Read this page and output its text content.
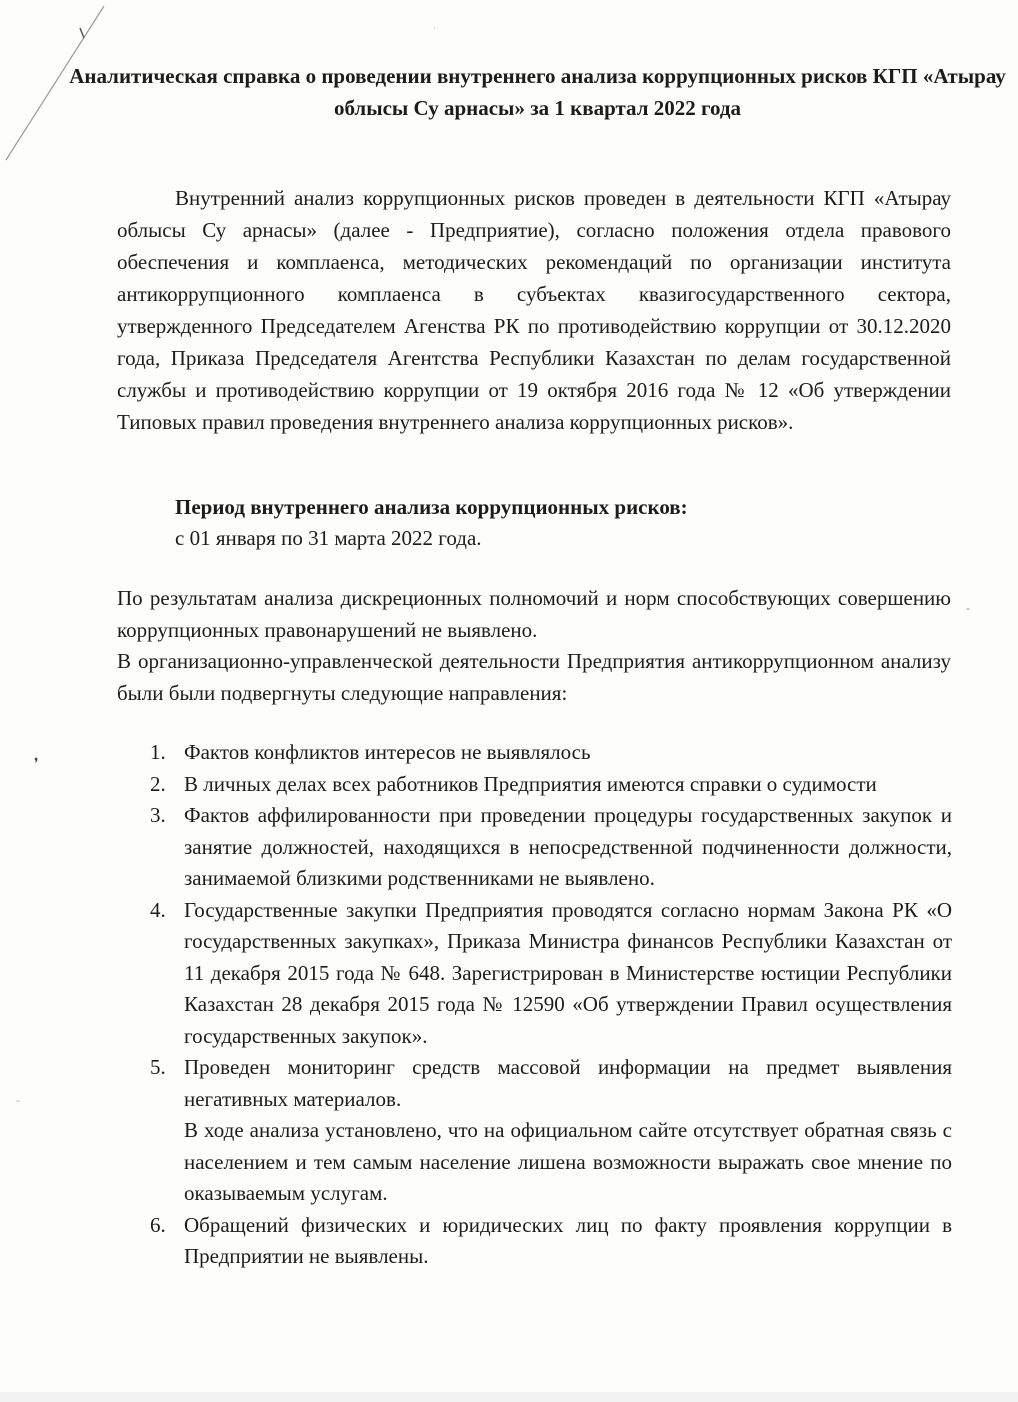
·
Аналитическая справка о проведении внутреннего анализа коррупционных рисков КГП «Атырау облысы Су арнасы» за 1 квартал 2022 года

Внутренний анализ коррупционных рисков проведен в деятельности КГП «Атырау облысы Су арнасы» (далее - Предприятие), согласно положения отдела правового обеспечения и комплаенса, методических рекомендаций по организации института антикоррупционного комплаенса в субъектах квазигосударственного сектора, утвержденного Председателем Агенства РК по противодействию коррупции от 30.12.2020 года, Приказа Председателя Агентства Республики Казахстан по делам государственной службы и противодействию коррупции от 19 октября 2016 года № 12 «Об утверждении Типовых правил проведения внутреннего анализа коррупционных рисков».

Период внутреннего анализа коррупционных рисков:

с 01 января по 31 марта 2022 года.

По результатам анализа дискреционных полномочий и норм способствующих совершению коррупционных правонарушений не выявлено.

-

В организационно-управленческой деятельности Предприятия антикоррупционном анализу были были подвергнуты следующие направления:

❜
-
1. Фактов конфликтов интересов не выявлялось
2. В личных делах всех работников Предприятия имеются справки о судимости
3. Фактов аффилированности при проведении процедуры государственных закупок и занятие должностей, находящихся в непосредственной подчиненности должности, занимаемой близкими родственниками не выявлено.
4. Государственные закупки Предприятия проводятся согласно нормам Закона РК «О государственных закупках», Приказа Министра финансов Республики Казахстан от 11 декабря 2015 года № 648. Зарегистрирован в Министерстве юстиции Республики Казахстан 28 декабря 2015 года № 12590 «Об утверждении Правил осуществления государственных закупок».
5. Проведен мониторинг средств массовой информации на предмет выявления негативных материалов.
В ходе анализа установлено, что на официальном сайте отсутствует обратная связь с населением и тем самым население лишена возможности выражать свое мнение по оказываемым услугам.
6. Обращений физических и юридических лиц по факту проявления коррупции в Предприятии не выявлены.
